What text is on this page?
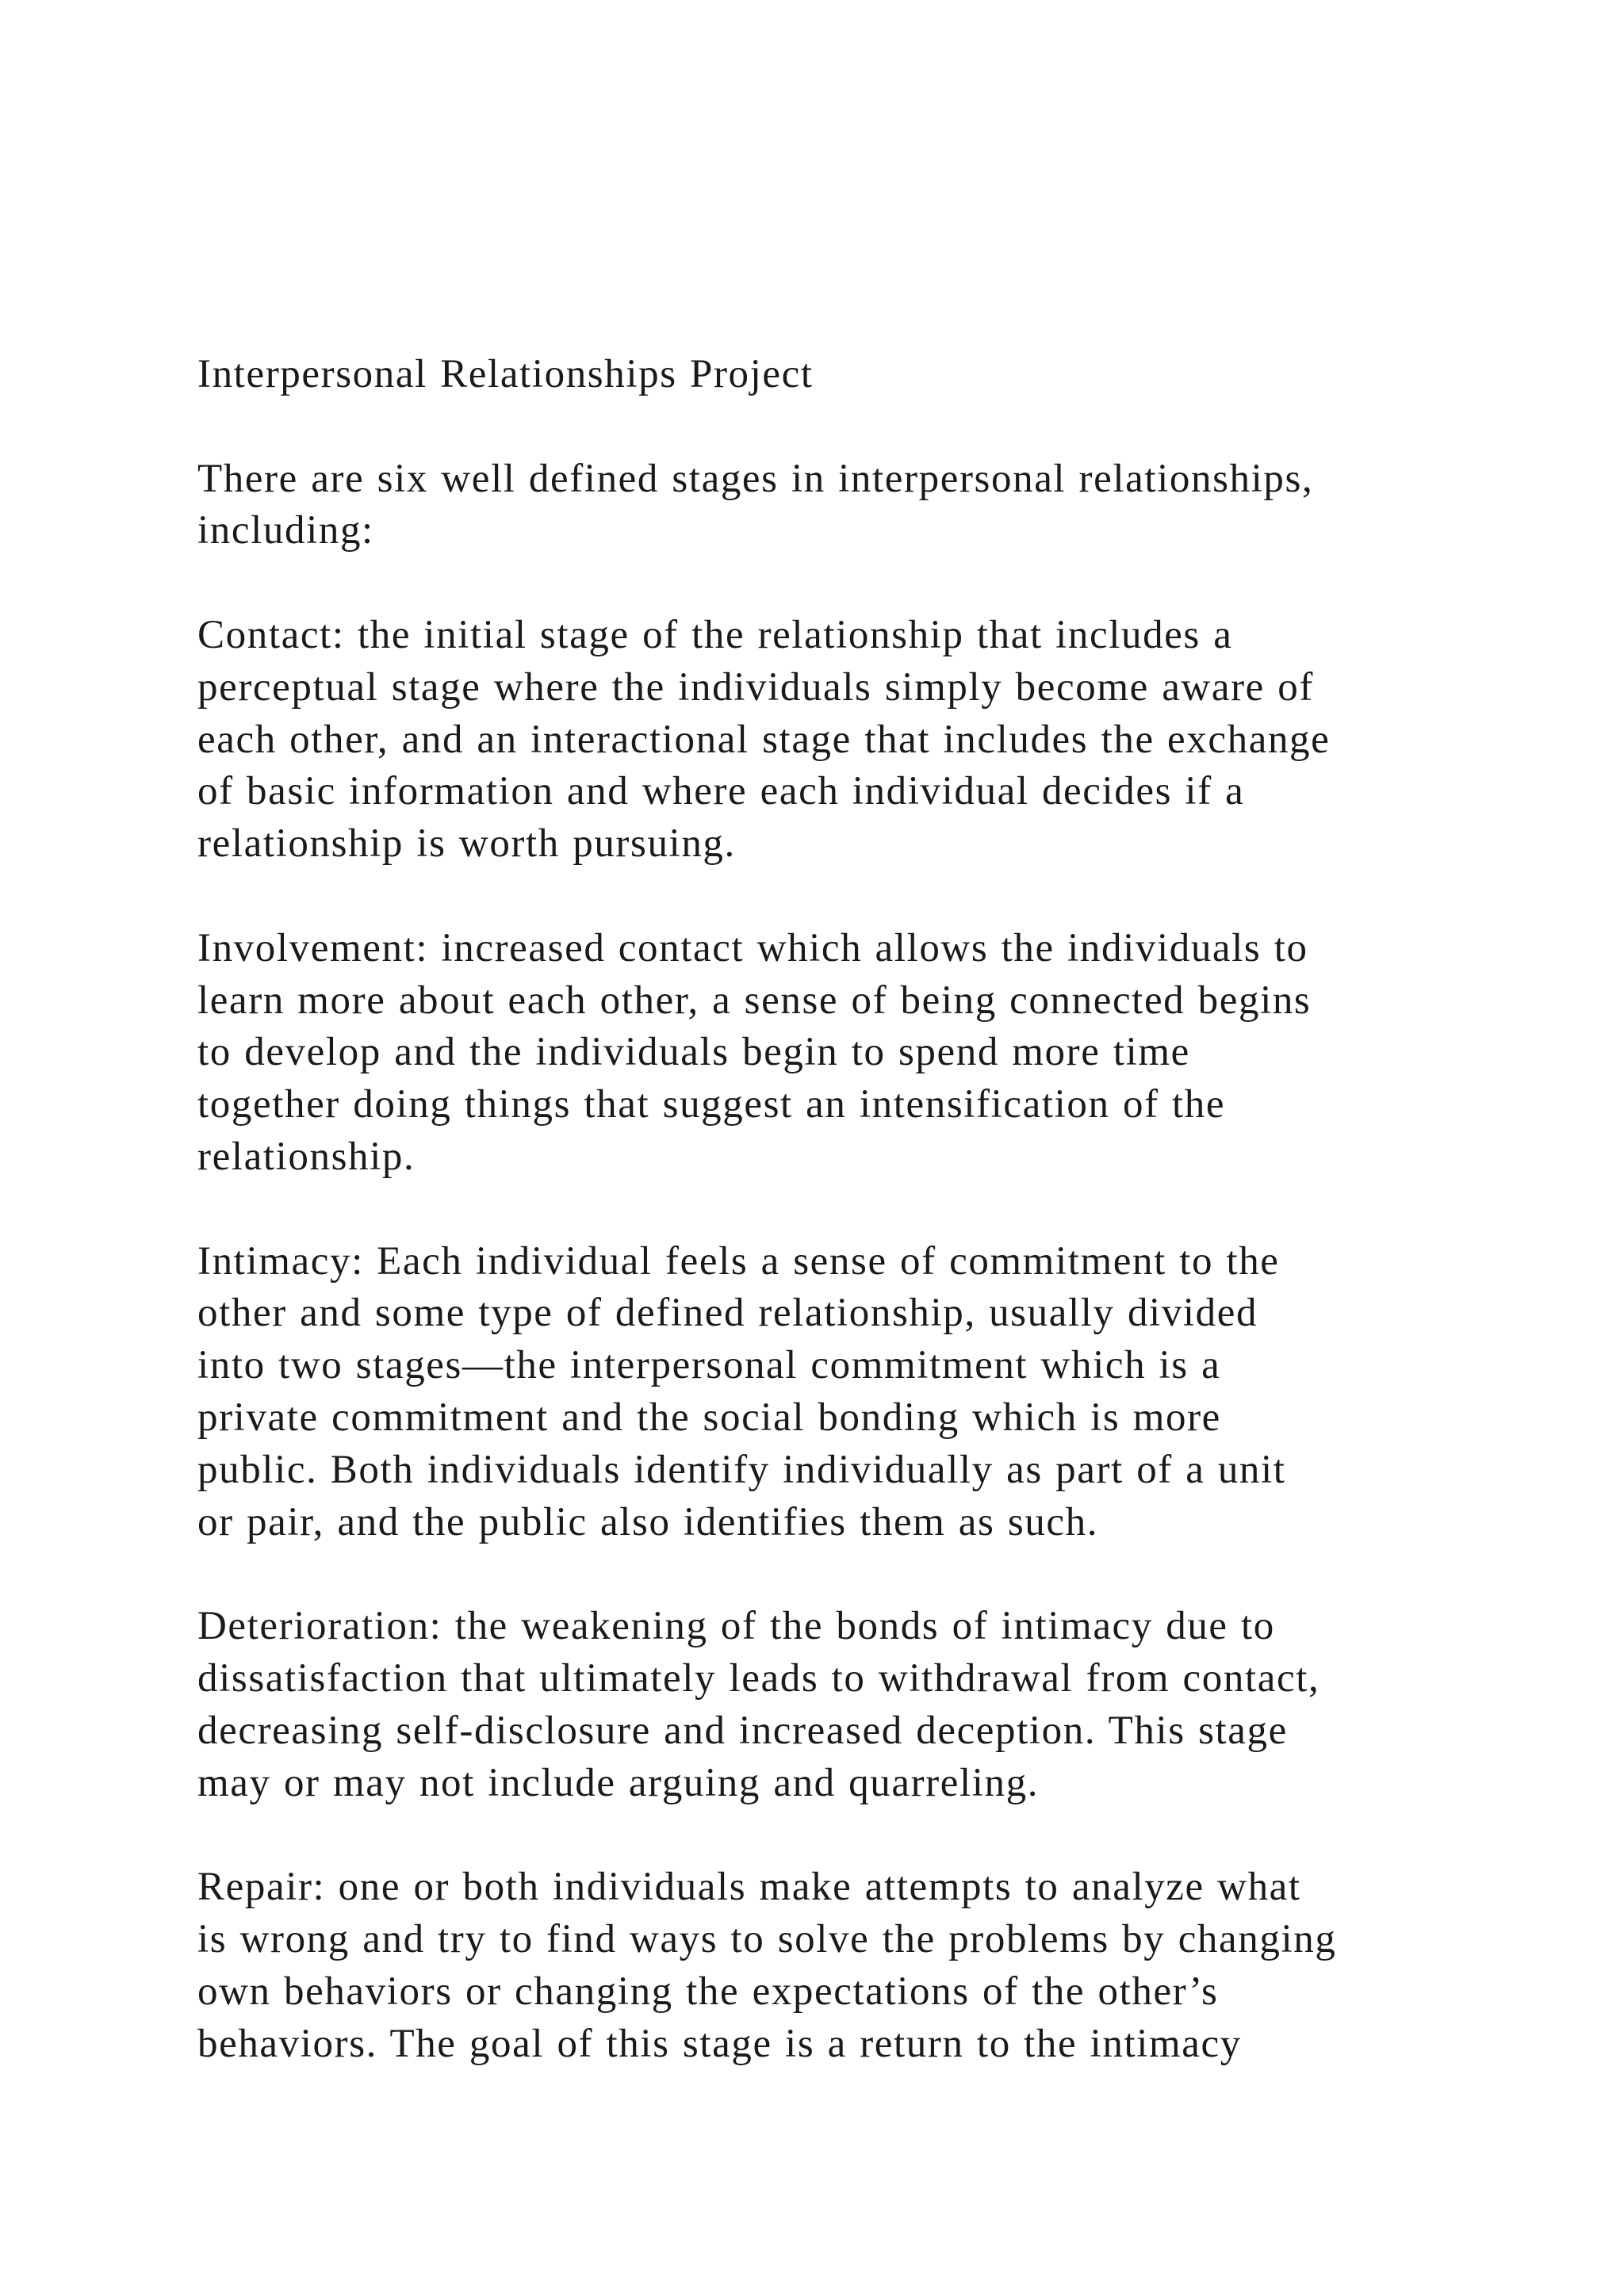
Interpersonal Relationships Project
There are six well defined stages in interpersonal relationships,
including:
Contact: the initial stage of the relationship that includes a
perceptual stage where the individuals simply become aware of
each other, and an interactional stage that includes the exchange
of basic information and where each individual decides if a
relationship is worth pursuing.
Involvement: increased contact which allows the individuals to
learn more about each other, a sense of being connected begins
to develop and the individuals begin to spend more time
together doing things that suggest an intensification of the
relationship.
Intimacy: Each individual feels a sense of commitment to the
other and some type of defined relationship, usually divided
into two stages—the interpersonal commitment which is a
private commitment and the social bonding which is more
public. Both individuals identify individually as part of a unit
or pair, and the public also identifies them as such.
Deterioration: the weakening of the bonds of intimacy due to
dissatisfaction that ultimately leads to withdrawal from contact,
decreasing self-disclosure and increased deception. This stage
may or may not include arguing and quarreling.
Repair: one or both individuals make attempts to analyze what
is wrong and try to find ways to solve the problems by changing
own behaviors or changing the expectations of the other’s
behaviors. The goal of this stage is a return to the intimacy
